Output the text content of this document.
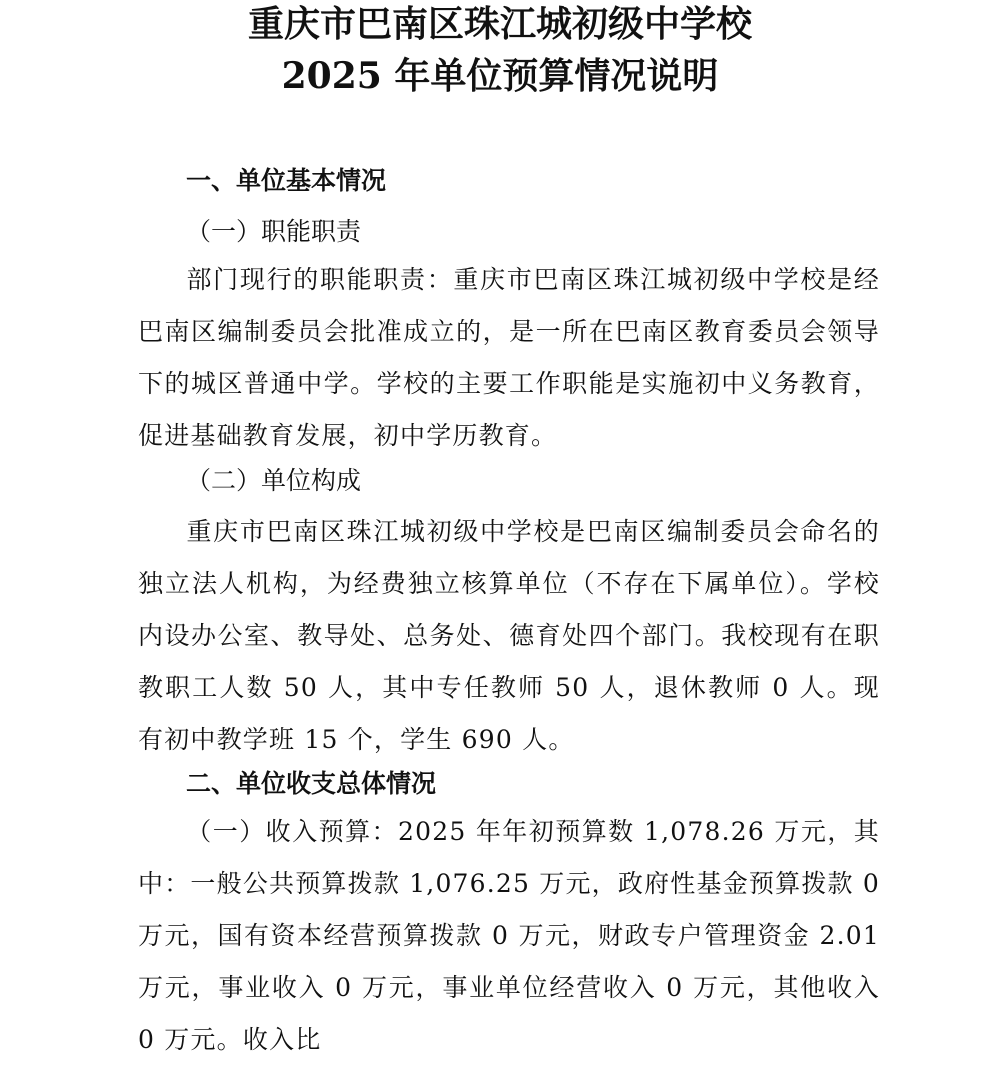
重庆市巴南区珠江城初级中学校
2025 年单位预算情况说明
一、单位基本情况
（一）职能职责
部门现行的职能职责：重庆市巴南区珠江城初级中学校是经巴南区编制委员会批准成立的，是一所在巴南区教育委员会领导下的城区普通中学。学校的主要工作职能是实施初中义务教育，促进基础教育发展，初中学历教育。
（二）单位构成
重庆市巴南区珠江城初级中学校是巴南区编制委员会命名的独立法人机构，为经费独立核算单位（不存在下属单位）。学校内设办公室、教导处、总务处、德育处四个部门。我校现有在职教职工人数 50 人，其中专任教师 50 人，退休教师 0 人。现有初中教学班 15 个，学生 690 人。
二、单位收支总体情况
（一）收入预算：2025 年年初预算数 1,078.26 万元，其中：一般公共预算拨款 1,076.25 万元，政府性基金预算拨款 0 万元，国有资本经营预算拨款 0 万元，财政专户管理资金 2.01 万元，事业收入 0 万元，事业单位经营收入 0 万元，其他收入 0 万元。收入比
